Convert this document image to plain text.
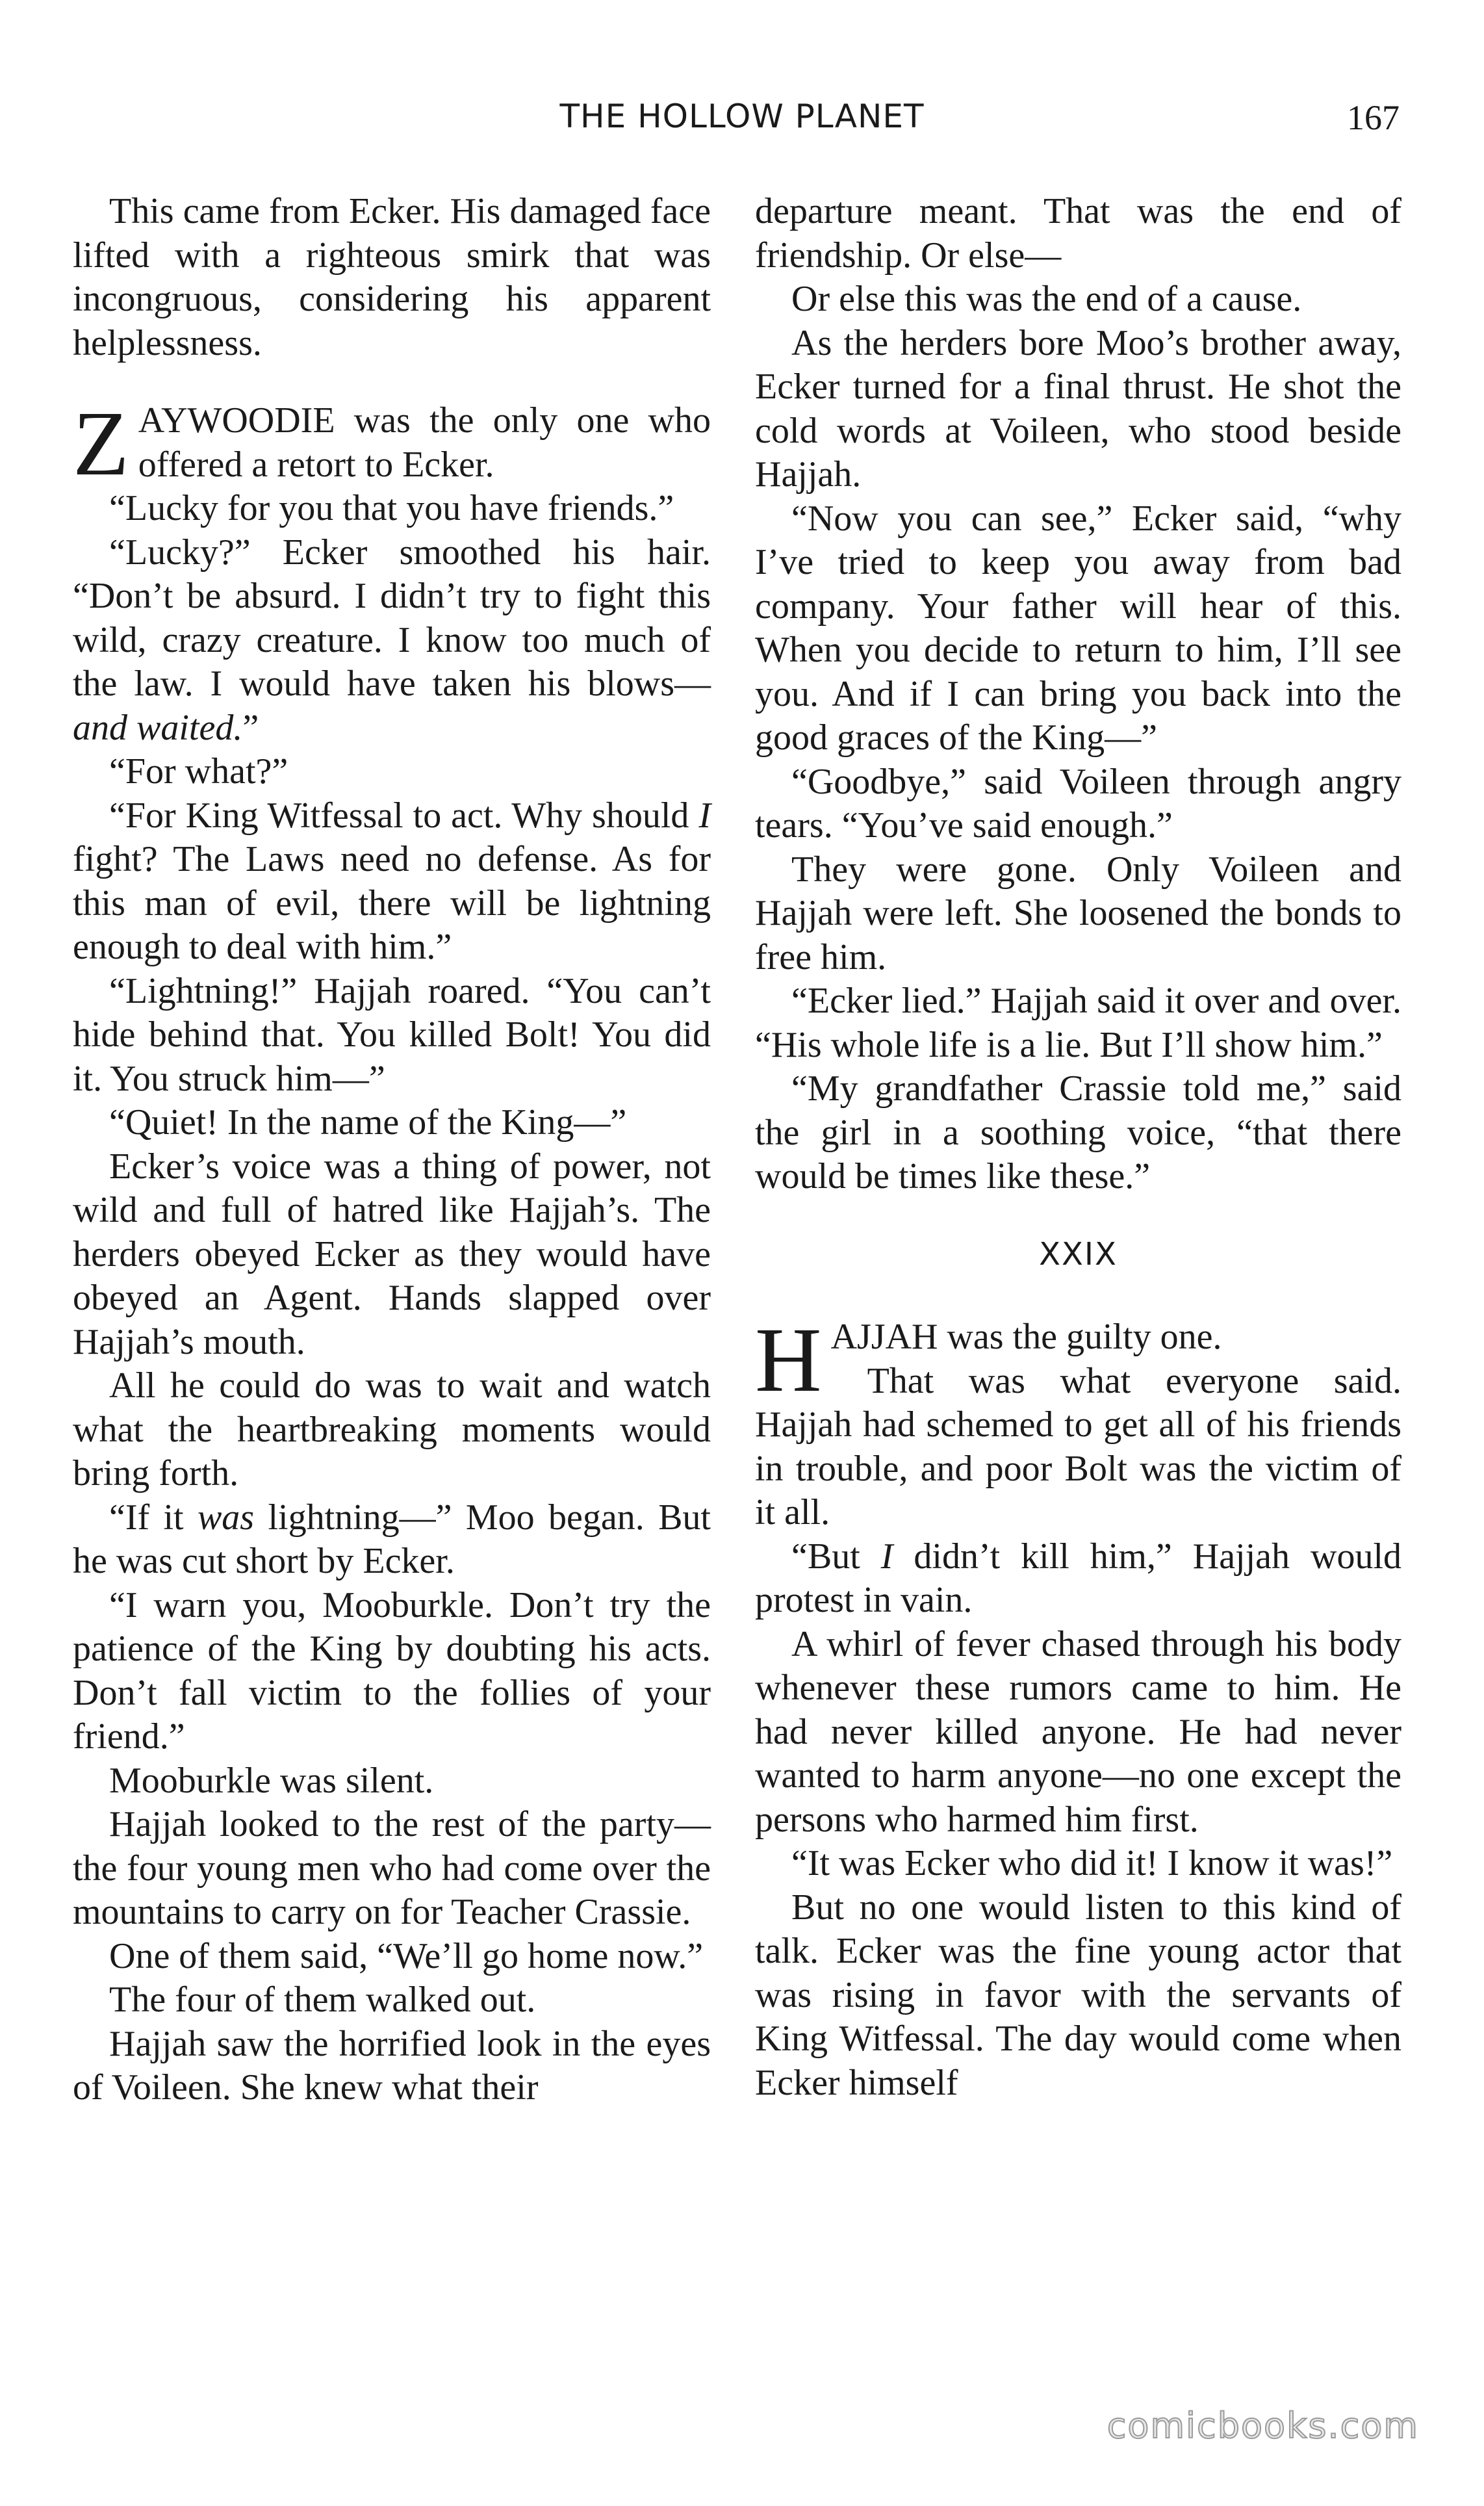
THE HOLLOW PLANET	167

This came from Ecker. His damaged face lifted with a righteous smirk that was incongruous, considering his apparent helplessness.

ZAYWOODIE was the only one who offered a retort to Ecker.

“Lucky for you that you have friends.”

“Lucky?” Ecker smoothed his hair. “Don’t be absurd. I didn’t try to fight this wild, crazy creature. I know too much of the law. I would have taken his blows—and waited.”

“For what?”

“For King Witfessal to act. Why should I fight? The Laws need no defense. As for this man of evil, there will be lightning enough to deal with him.”

“Lightning!” Hajjah roared. “You can’t hide behind that. You killed Bolt! You did it. You struck him—”

“Quiet! In the name of the King—”

Ecker’s voice was a thing of power, not wild and full of hatred like Hajjah’s. The herders obeyed Ecker as they would have obeyed an Agent. Hands slapped over Hajjah’s mouth.

All he could do was to wait and watch what the heartbreaking moments would bring forth.

“If it was lightning—” Moo began. But he was cut short by Ecker.

“I warn you, Mooburkle. Don’t try the patience of the King by doubting his acts. Don’t fall victim to the follies of your friend.”

Mooburkle was silent.

Hajjah looked to the rest of the party—the four young men who had come over the mountains to carry on for Teacher Crassie.

One of them said, “We’ll go home now.”

The four of them walked out.

Hajjah saw the horrified look in the eyes of Voileen. She knew what their

departure meant. That was the end of friendship. Or else—

Or else this was the end of a cause.

As the herders bore Moo’s brother away, Ecker turned for a final thrust. He shot the cold words at Voileen, who stood beside Hajjah.

“Now you can see,” Ecker said, “why I’ve tried to keep you away from bad company. Your father will hear of this. When you decide to return to him, I’ll see you. And if I can bring you back into the good graces of the King—”

“Goodbye,” said Voileen through angry tears. “You’ve said enough.”

They were gone. Only Voileen and Hajjah were left. She loosened the bonds to free him.

“Ecker lied.” Hajjah said it over and over. “His whole life is a lie. But I’ll show him.”

“My grandfather Crassie told me,” said the girl in a soothing voice, “that there would be times like these.”

XXIX

HAJJAH was the guilty one.

That was what everyone said. Hajjah had schemed to get all of his friends in trouble, and poor Bolt was the victim of it all.

“But I didn’t kill him,” Hajjah would protest in vain.

A whirl of fever chased through his body whenever these rumors came to him. He had never killed anyone. He had never wanted to harm anyone—no one except the persons who harmed him first.

“It was Ecker who did it! I know it was!”

But no one would listen to this kind of talk. Ecker was the fine young actor that was rising in favor with the servants of King Witfessal. The day would come when Ecker himself

comicbooks.com
